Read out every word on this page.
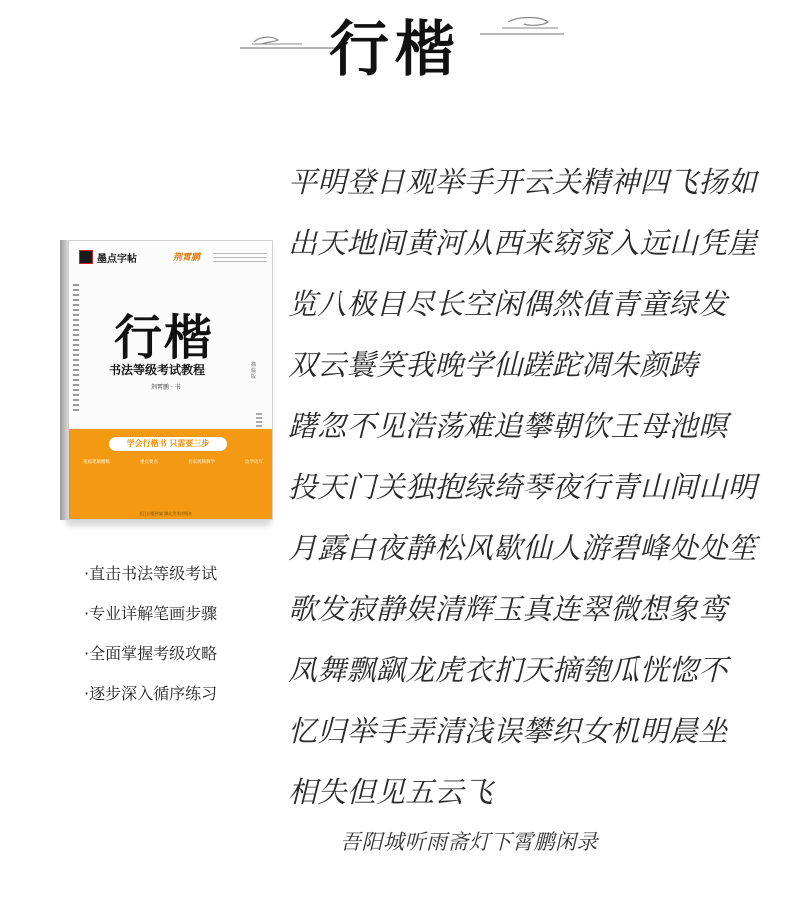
行楷
墨点字帖	荆霄鹏
行楷
书法等级考试教程	描临版
荆霄鹏 · 书
学会行楷书 只需要三步
笔画笔顺精练	重点要点	名家视频教学	边学边写
长江出版传媒 湖北美术出版社
·直击书法等级考试
·专业详解笔画步骤
·全面掌握考级攻略
·逐步深入循序练习
平明登日观举手开云关精神四飞扬如
出天地间黄河从西来窈窕入远山凭崖
览八极目尽长空闲偶然值青童绿发
双云鬟笑我晚学仙蹉跎凋朱颜踌
躇忽不见浩荡难追攀朝饮王母池暝
投天门关独抱绿绮琴夜行青山间山明
月露白夜静松风歇仙人游碧峰处处笙
歌发寂静娱清辉玉真连翠微想象鸾
凤舞飘飖龙虎衣扪天摘匏瓜恍惚不
忆归举手弄清浅误攀织女机明晨坐
相失但见五云飞
吾阳城听雨斋灯下霄鹏闲录
